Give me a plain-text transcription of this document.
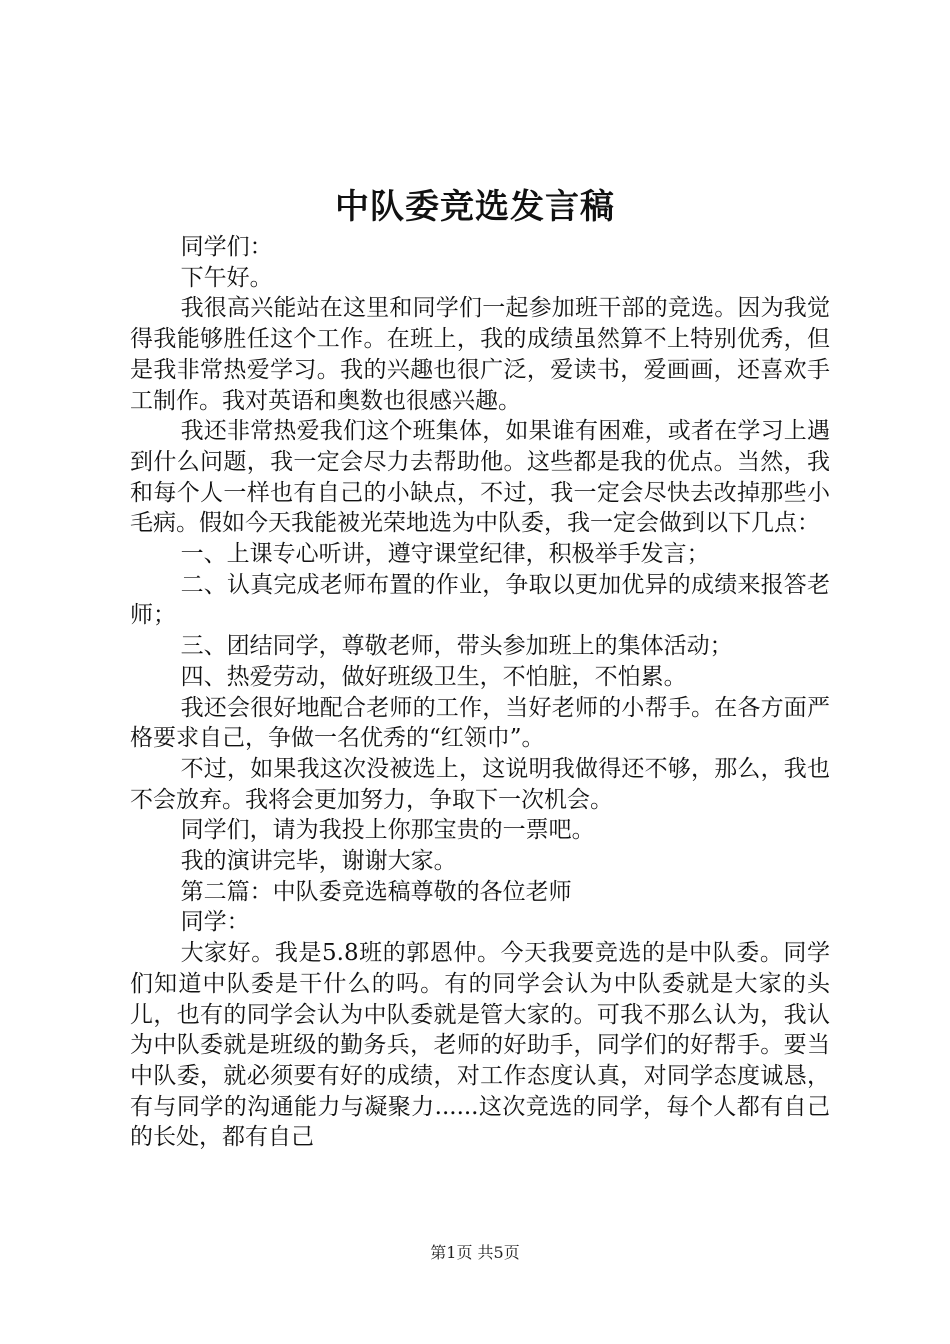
中队委竞选发言稿

同学们：

下午好。

我很高兴能站在这里和同学们一起参加班干部的竞选。因为我觉得我能够胜任这个工作。在班上，我的成绩虽然算不上特别优秀，但是我非常热爱学习。我的兴趣也很广泛，爱读书，爱画画，还喜欢手工制作。我对英语和奥数也很感兴趣。

我还非常热爱我们这个班集体，如果谁有困难，或者在学习上遇到什么问题，我一定会尽力去帮助他。这些都是我的优点。当然，我和每个人一样也有自己的小缺点，不过，我一定会尽快去改掉那些小毛病。假如今天我能被光荣地选为中队委，我一定会做到以下几点：

一、上课专心听讲，遵守课堂纪律，积极举手发言；

二、认真完成老师布置的作业，争取以更加优异的成绩来报答老师；

三、团结同学，尊敬老师，带头参加班上的集体活动；

四、热爱劳动，做好班级卫生，不怕脏，不怕累。

我还会很好地配合老师的工作，当好老师的小帮手。在各方面严格要求自己，争做一名优秀的“红领巾”。

不过，如果我这次没被选上，这说明我做得还不够，那么，我也不会放弃。我将会更加努力，争取下一次机会。

同学们，请为我投上你那宝贵的一票吧。

我的演讲完毕，谢谢大家。

第二篇：中队委竞选稿尊敬的各位老师

同学：

大家好。我是5.8班的郭恩仲。今天我要竞选的是中队委。同学们知道中队委是干什么的吗。有的同学会认为中队委就是大家的头儿，也有的同学会认为中队委就是管大家的。可我不那么认为，我认为中队委就是班级的勤务兵，老师的好助手，同学们的好帮手。要当中队委，就必须要有好的成绩，对工作态度认真，对同学态度诚恳，有与同学的沟通能力与凝聚力......这次竞选的同学，每个人都有自己的长处，都有自己

第1页 共5页
